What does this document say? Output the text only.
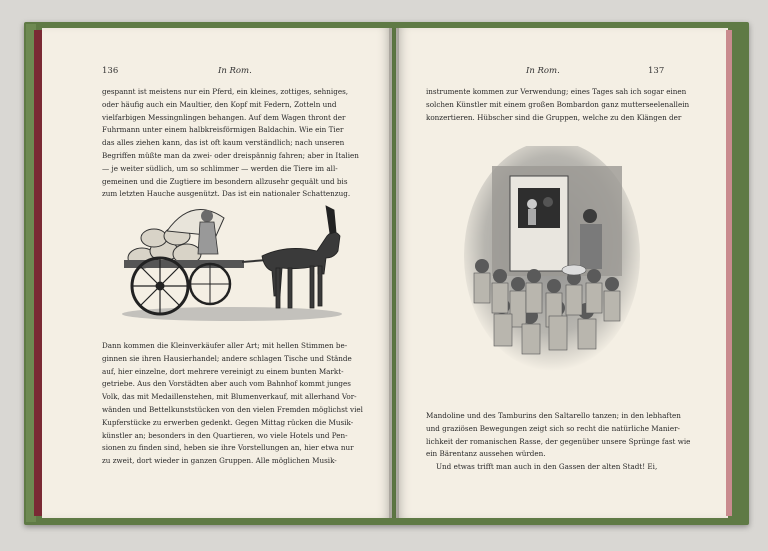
136	In Rom.
gespannt ist meistens nur ein Pferd, ein kleines, zottiges, sehniges,
oder häufig auch ein Maultier, den Kopf mit Federn, Zotteln und
vielfarbigen Messingnlingen behangen. Auf dem Wagen thront der
Fuhrmann unter einem halbkreisförmigen Baldachin. Wie ein Tier
das alles ziehen kann, das ist oft kaum verständlich; nach unseren
Begriffen müßte man da zwei- oder dreispännig fahren; aber in Italien
— je weiter südlich, um so schlimmer — werden die Tiere im all-
gemeinen und die Zugtiere im besondern allzusehr gequält und bis
zum letzten Hauche ausgenützt. Das ist ein nationaler Schattenzug.
Dann kommen die Kleinverkäufer aller Art; mit hellen Stimmen be-
ginnen sie ihren Hausierhandel; andere schlagen Tische und Stände
auf, hier einzelne, dort mehrere vereinigt zu einem bunten Markt-
getriebe. Aus den Vorstädten aber auch vom Bahnhof kommt junges
Volk, das mit Medaillenstehen, mit Blumenverkauf, mit allerhand Vor-
wänden und Bettelkunststücken von den vielen Fremden möglichst viel
Kupferstücke zu erwerben gedenkt. Gegen Mittag rücken die Musik-
künstler an; besonders in den Quartieren, wo viele Hotels und Pen-
sionen zu finden sind, heben sie ihre Vorstellungen an, hier etwa nur
zu zweit, dort wieder in ganzen Gruppen. Alle möglichen Musik-
In Rom.	137
instrumente kommen zur Verwendung; eines Tages sah ich sogar einen
solchen Künstler mit einem großen Bombardon ganz mutterseelenallein
konzertieren. Hübscher sind die Gruppen, welche zu den Klängen der
Mandoline und des Tamburins den Saltarello tanzen; in den lebhaften
und graziösen Bewegungen zeigt sich so recht die natürliche Manier-
lichkeit der romanischen Rasse, der gegenüber unsere Sprünge fast wie
ein Bärentanz aussehen würden.
Und etwas trifft man auch in den Gassen der alten Stadt! Ei,
